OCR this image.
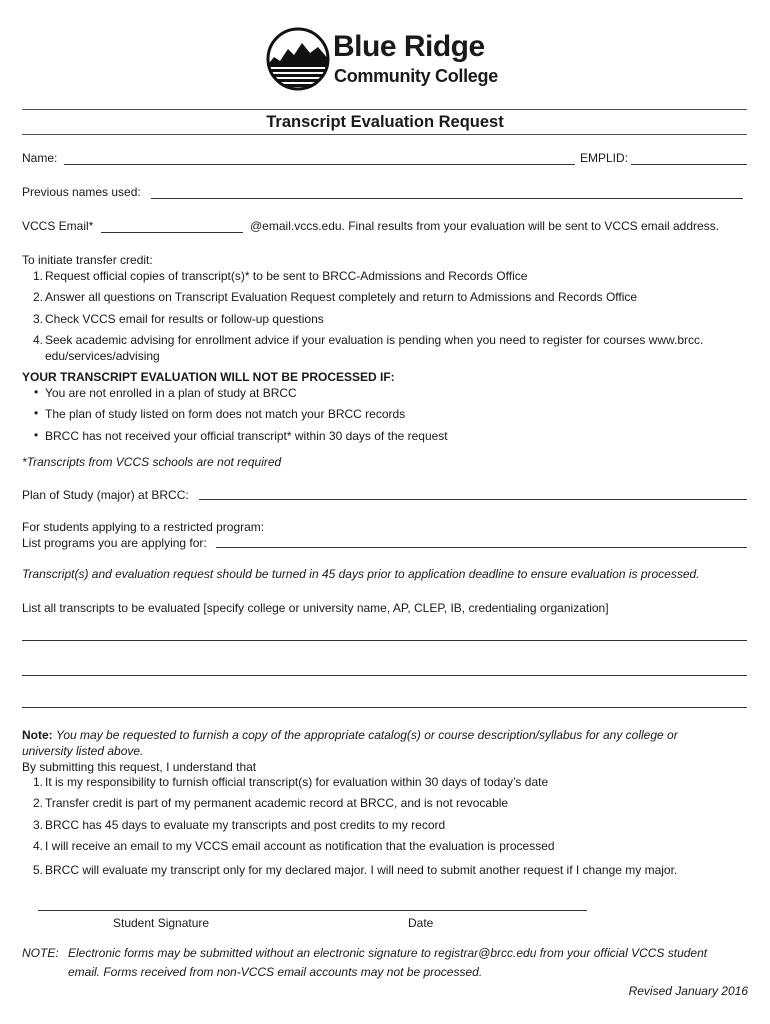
Blue Ridge
Community College
Transcript Evaluation Request
Name:	EMPLID:
Previous names used:
VCCS Email*	@email.vccs.edu. Final results from your evaluation will be sent to VCCS email address.
To initiate transfer credit:
1. Request official copies of transcript(s)* to be sent to BRCC-Admissions and Records Office
2. Answer all questions on Transcript Evaluation Request completely and return to Admissions and Records Office
3. Check VCCS email for results or follow-up questions
4. Seek academic advising for enrollment advice if your evaluation is pending when you need to register for courses www.brcc.
edu/services/advising
YOUR TRANSCRIPT EVALUATION WILL NOT BE PROCESSED IF:
• You are not enrolled in a plan of study at BRCC
• The plan of study listed on form does not match your BRCC records
• BRCC has not received your official transcript* within 30 days of the request
*Transcripts from VCCS schools are not required
Plan of Study (major) at BRCC:
For students applying to a restricted program:
List programs you are applying for:
Transcript(s) and evaluation request should be turned in 45 days prior to application deadline to ensure evaluation is processed.
List all transcripts to be evaluated [specify college or university name, AP, CLEP, IB, credentialing organization]
Note: You may be requested to furnish a copy of the appropriate catalog(s) or course description/syllabus for any college or
university listed above.
By submitting this request, I understand that
1. It is my responsibility to furnish official transcript(s) for evaluation within 30 days of today’s date
2. Transfer credit is part of my permanent academic record at BRCC, and is not revocable
3. BRCC has 45 days to evaluate my transcripts and post credits to my record
4. I will receive an email to my VCCS email account as notification that the evaluation is processed
5. BRCC will evaluate my transcript only for my declared major. I will need to submit another request if I change my major.
Student Signature	Date
NOTE: Electronic forms may be submitted without an electronic signature to registrar@brcc.edu from your official VCCS student
email. Forms received from non-VCCS email accounts may not be processed.
Revised January 2016
